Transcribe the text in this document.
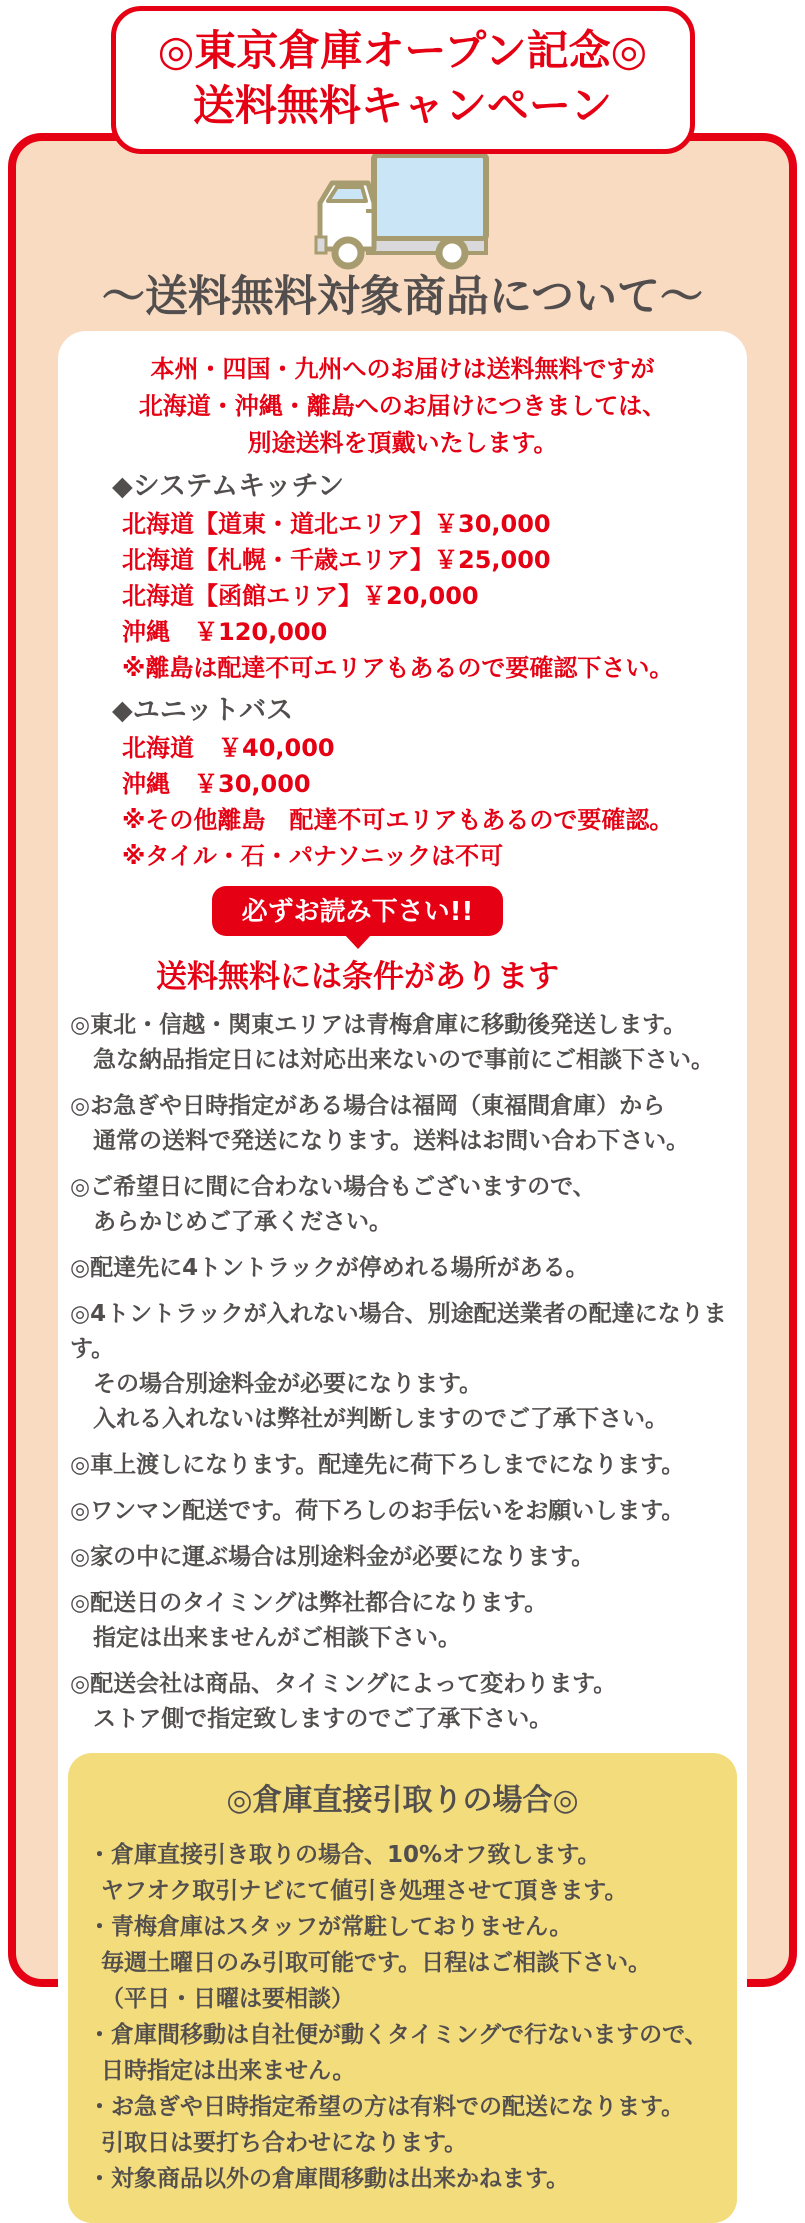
◎東京倉庫オープン記念◎
送料無料キャンペーン
～送料無料対象商品について～
本州・四国・九州へのお届けは送料無料ですが
北海道・沖縄・離島へのお届けにつきましては、
別途送料を頂戴いたします。
◆システムキッチン
北海道【道東・道北エリア】￥30,000
北海道【札幌・千歳エリア】￥25,000
北海道【函館エリア】￥20,000
沖縄　￥120,000
※離島は配達不可エリアもあるので要確認下さい。
◆ユニットバス
北海道　￥40,000
沖縄　￥30,000
※その他離島　配達不可エリアもあるので要確認。
※タイル・石・パナソニックは不可
必ずお読み下さい!!
送料無料には条件があります
◎東北・信越・関東エリアは青梅倉庫に移動後発送します。
急な納品指定日には対応出来ないので事前にご相談下さい。
◎お急ぎや日時指定がある場合は福岡（東福間倉庫）から
通常の送料で発送になります。送料はお問い合わ下さい。
◎ご希望日に間に合わない場合もございますので、
あらかじめご了承ください。
◎配達先に4トントラックが停めれる場所がある。
◎4トントラックが入れない場合、別途配送業者の配達になります。
その場合別途料金が必要になります。
入れる入れないは弊社が判断しますのでご了承下さい。
◎車上渡しになります。配達先に荷下ろしまでになります。
◎ワンマン配送です。荷下ろしのお手伝いをお願いします。
◎家の中に運ぶ場合は別途料金が必要になります。
◎配送日のタイミングは弊社都合になります。
指定は出来ませんがご相談下さい。
◎配送会社は商品、タイミングによって変わります。
ストア側で指定致しますのでご了承下さい。
◎倉庫直接引取りの場合◎
・倉庫直接引き取りの場合、10%オフ致します。
ヤフオク取引ナビにて値引き処理させて頂きます。
・青梅倉庫はスタッフが常駐しておりません。
毎週土曜日のみ引取可能です。日程はご相談下さい。
（平日・日曜は要相談）
・倉庫間移動は自社便が動くタイミングで行ないますので、
日時指定は出来ません。
・お急ぎや日時指定希望の方は有料での配送になります。
引取日は要打ち合わせになります。
・対象商品以外の倉庫間移動は出来かねます。
